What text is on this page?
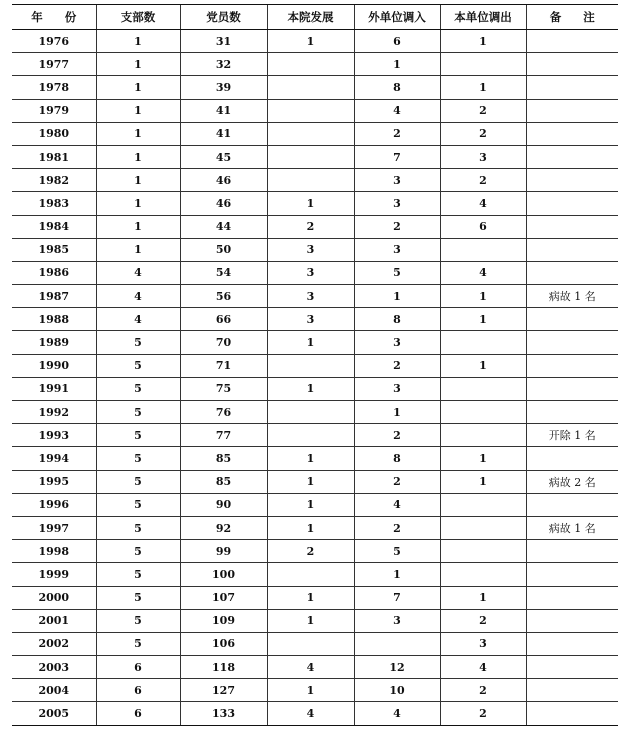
年 份	支部数	党员数	本院发展	外单位调入	本单位调出	备 注
1976	1	31	1	6	1	
1977	1	32		1		
1978	1	39		8	1	
1979	1	41		4	2	
1980	1	41		2	2	
1981	1	45		7	3	
1982	1	46		3	2	
1983	1	46	1	3	4	
1984	1	44	2	2	6	
1985	1	50	3	3		
1986	4	54	3	5	4	
1987	4	56	3	1	1	病故 1 名
1988	4	66	3	8	1	
1989	5	70	1	3		
1990	5	71		2	1	
1991	5	75	1	3		
1992	5	76		1		
1993	5	77		2		开除 1 名
1994	5	85	1	8	1	
1995	5	85	1	2	1	病故 2 名
1996	5	90	1	4		
1997	5	92	1	2		病故 1 名
1998	5	99	2	5		
1999	5	100		1		
2000	5	107	1	7	1	
2001	5	109	1	3	2	
2002	5	106			3	
2003	6	118	4	12	4	
2004	6	127	1	10	2	
2005	6	133	4	4	2	
